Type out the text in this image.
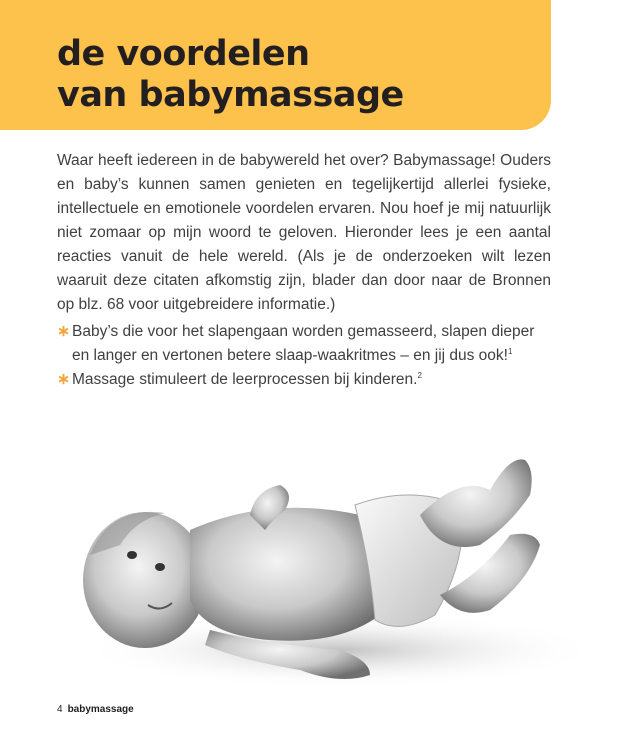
de voordelen
van babymassage

Waar heeft iedereen in de babywereld het over? Babymassage! Ouders en baby’s kunnen samen genieten en tegelijkertijd allerlei fysieke, intellectuele en emotionele voordelen ervaren. Nou hoef je mij natuurlijk niet zomaar op mijn woord te geloven. Hieronder lees je een aantal reacties vanuit de hele wereld. (Als je de onderzoeken wilt lezen waaruit deze citaten afkomstig zijn, blader dan door naar de Bronnen op blz. 68 voor uitgebreidere informatie.)

∗ Baby’s die voor het slapengaan worden gemasseerd, slapen dieper en langer en vertonen betere slaap-waakritmes – en jij dus ook!$^1$
∗ Massage stimuleert de leerprocessen bij kinderen.$^2$
4 babymassage
